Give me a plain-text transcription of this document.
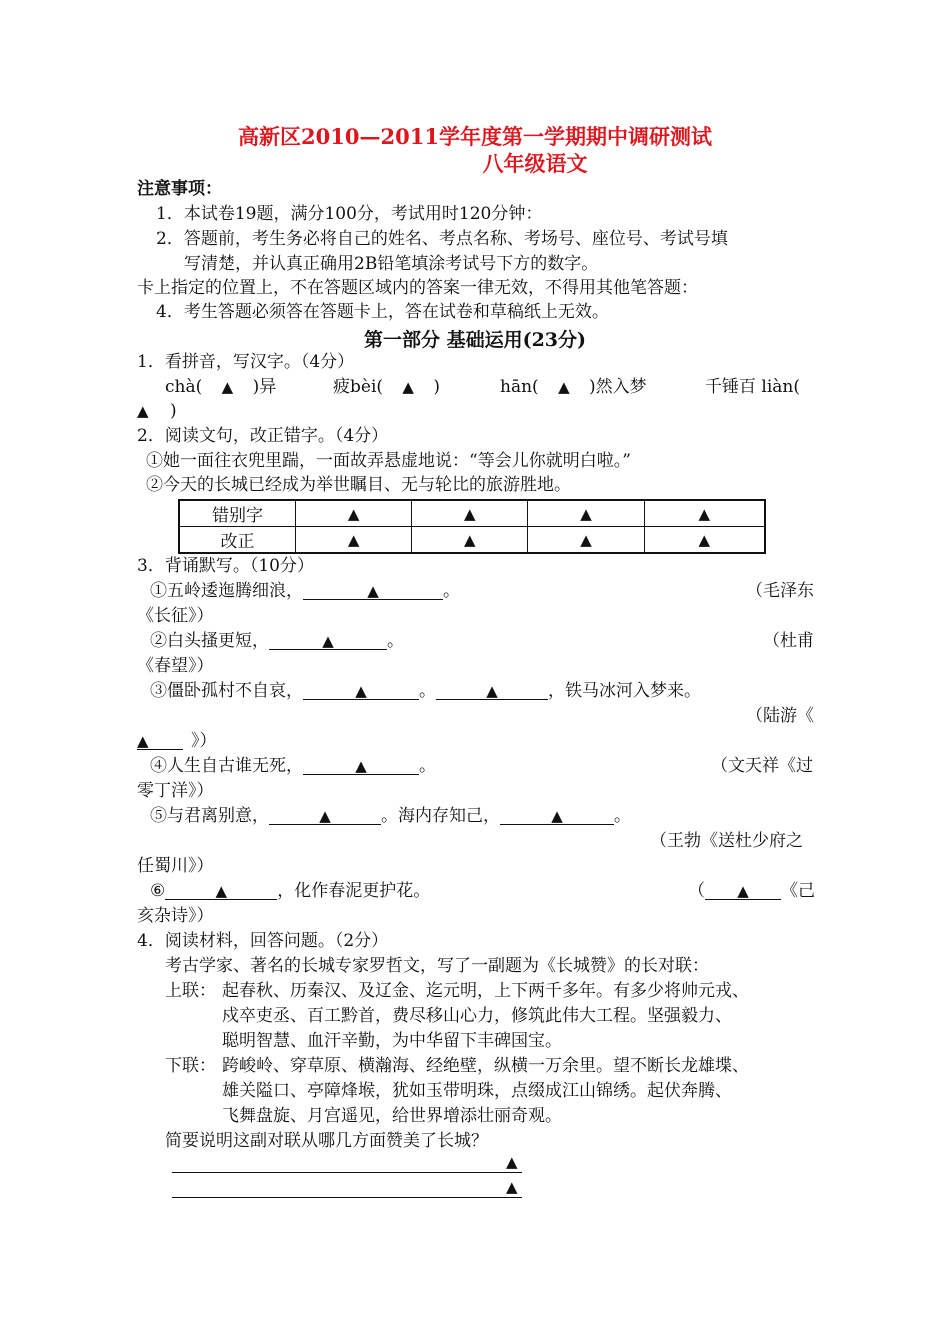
高新区2010—2011学年度第一学期期中调研测试
八年级语文
注意事项：
1．本试卷19题，满分100分，考试用时120分钟：
2．答题前，考生务必将自己的姓名、考点名称、考场号、座位号、考试号填
写清楚，并认真正确用2B铅笔填涂考试号下方的数字。
卡上指定的位置上，不在答题区域内的答案一律无效，不得用其他笔答题：
4．考生答题必须答在答题卡上，答在试卷和草稿纸上无效。
第一部分 基础运用(23分)
1．看拼音，写汉字。（4分）
chà( ▲ )异	疲bèi( ▲ )	hān( ▲ )然入梦	千锤百 liàn(
▲ )
2．阅读文句，改正错字。（4分）
①她一面往衣兜里踹，一面故弄悬虚地说：“等会儿你就明白啦。”
②今天的长城已经成为举世瞩目、无与轮比的旅游胜地。
错别字	▲	▲	▲	▲
改正	▲	▲	▲	▲
3．背诵默写。（10分）
①五岭逶迤腾细浪，	▲	。	（毛泽东
《长征》）
②白头搔更短，	▲	。	（杜甫
《春望》）
③僵卧孤村不自哀，	▲	。	▲	，铁马冰河入梦来。
（陆游《
▲ 》）
④人生自古谁无死，	▲	。	（文天祥《过
零丁洋》）
⑤与君离别意，	▲	。海内存知己，	▲	。
（王勃《送杜少府之
任蜀川》）
⑥	▲	，化作春泥更护花。	（ ▲ 《己
亥杂诗》）
4．阅读材料，回答问题。（2分）
考古学家、著名的长城专家罗哲文，写了一副题为《长城赞》的长对联：
上联： 起春秋、历秦汉、及辽金、迄元明，上下两千多年。有多少将帅元戎、
戍卒吏丞、百工黔首，费尽移山心力，修筑此伟大工程。坚强毅力、
聪明智慧、血汗辛勤，为中华留下丰碑国宝。
下联： 跨峻岭、穿草原、横瀚海、经绝壁，纵横一万余里。望不断长龙雄堞、
雄关隘口、亭障烽堠，犹如玉带明珠，点缀成江山锦绣。起伏奔腾、
飞舞盘旋、月宫遥见，给世界增添壮丽奇观。
简要说明这副对联从哪几方面赞美了长城？
▲
▲
